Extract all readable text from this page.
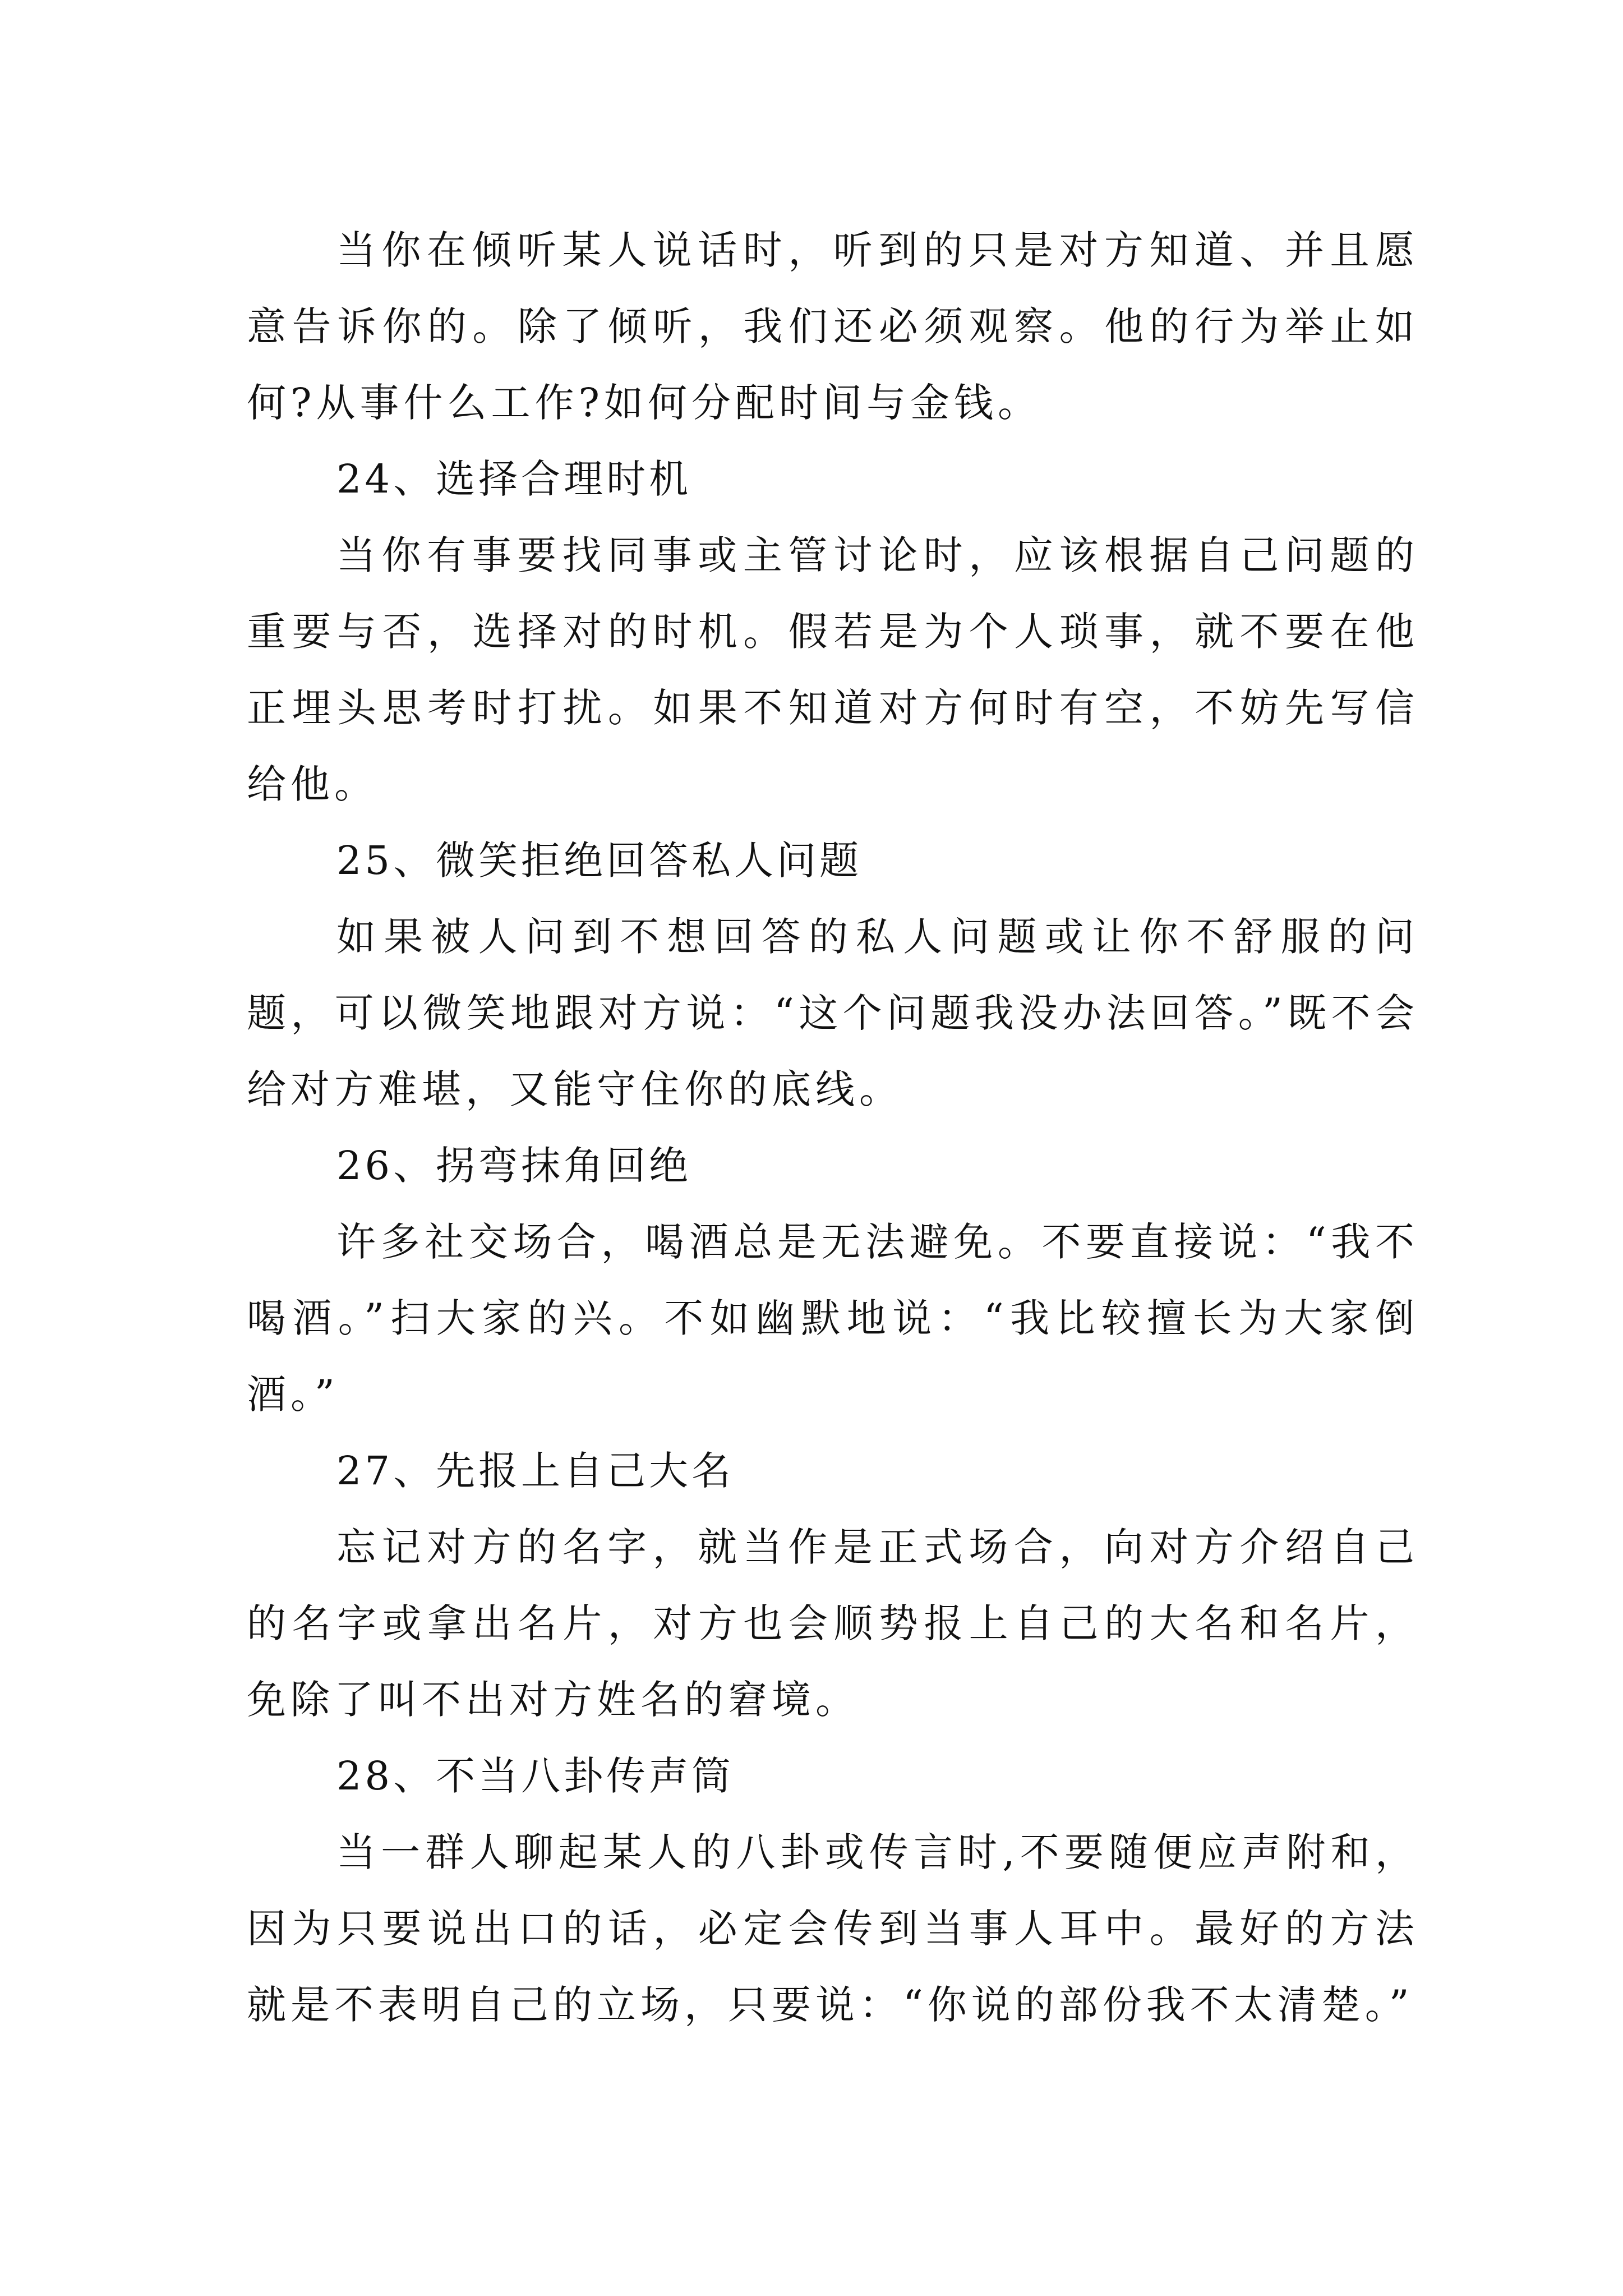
当你在倾听某人说话时，听到的只是对方知道、并且愿意告诉你的。除了倾听，我们还必须观察。他的行为举止如何?从事什么工作?如何分配时间与金钱。

24、选择合理时机

当你有事要找同事或主管讨论时，应该根据自己问题的重要与否，选择对的时机。假若是为个人琐事，就不要在他正埋头思考时打扰。如果不知道对方何时有空，不妨先写信给他。

25、微笑拒绝回答私人问题

如果被人问到不想回答的私人问题或让你不舒服的问题，可以微笑地跟对方说：“这个问题我没办法回答。”既不会给对方难堪，又能守住你的底线。

26、拐弯抹角回绝

许多社交场合，喝酒总是无法避免。不要直接说：“我不喝酒。”扫大家的兴。不如幽默地说：“我比较擅长为大家倒酒。”

27、先报上自己大名

忘记对方的名字，就当作是正式场合，向对方介绍自己的名字或拿出名片，对方也会顺势报上自己的大名和名片，免除了叫不出对方姓名的窘境。

28、不当八卦传声筒

当一群人聊起某人的八卦或传言时,不要随便应声附和，因为只要说出口的话，必定会传到当事人耳中。最好的方法就是不表明自己的立场，只要说：“你说的部份我不太清楚。”
